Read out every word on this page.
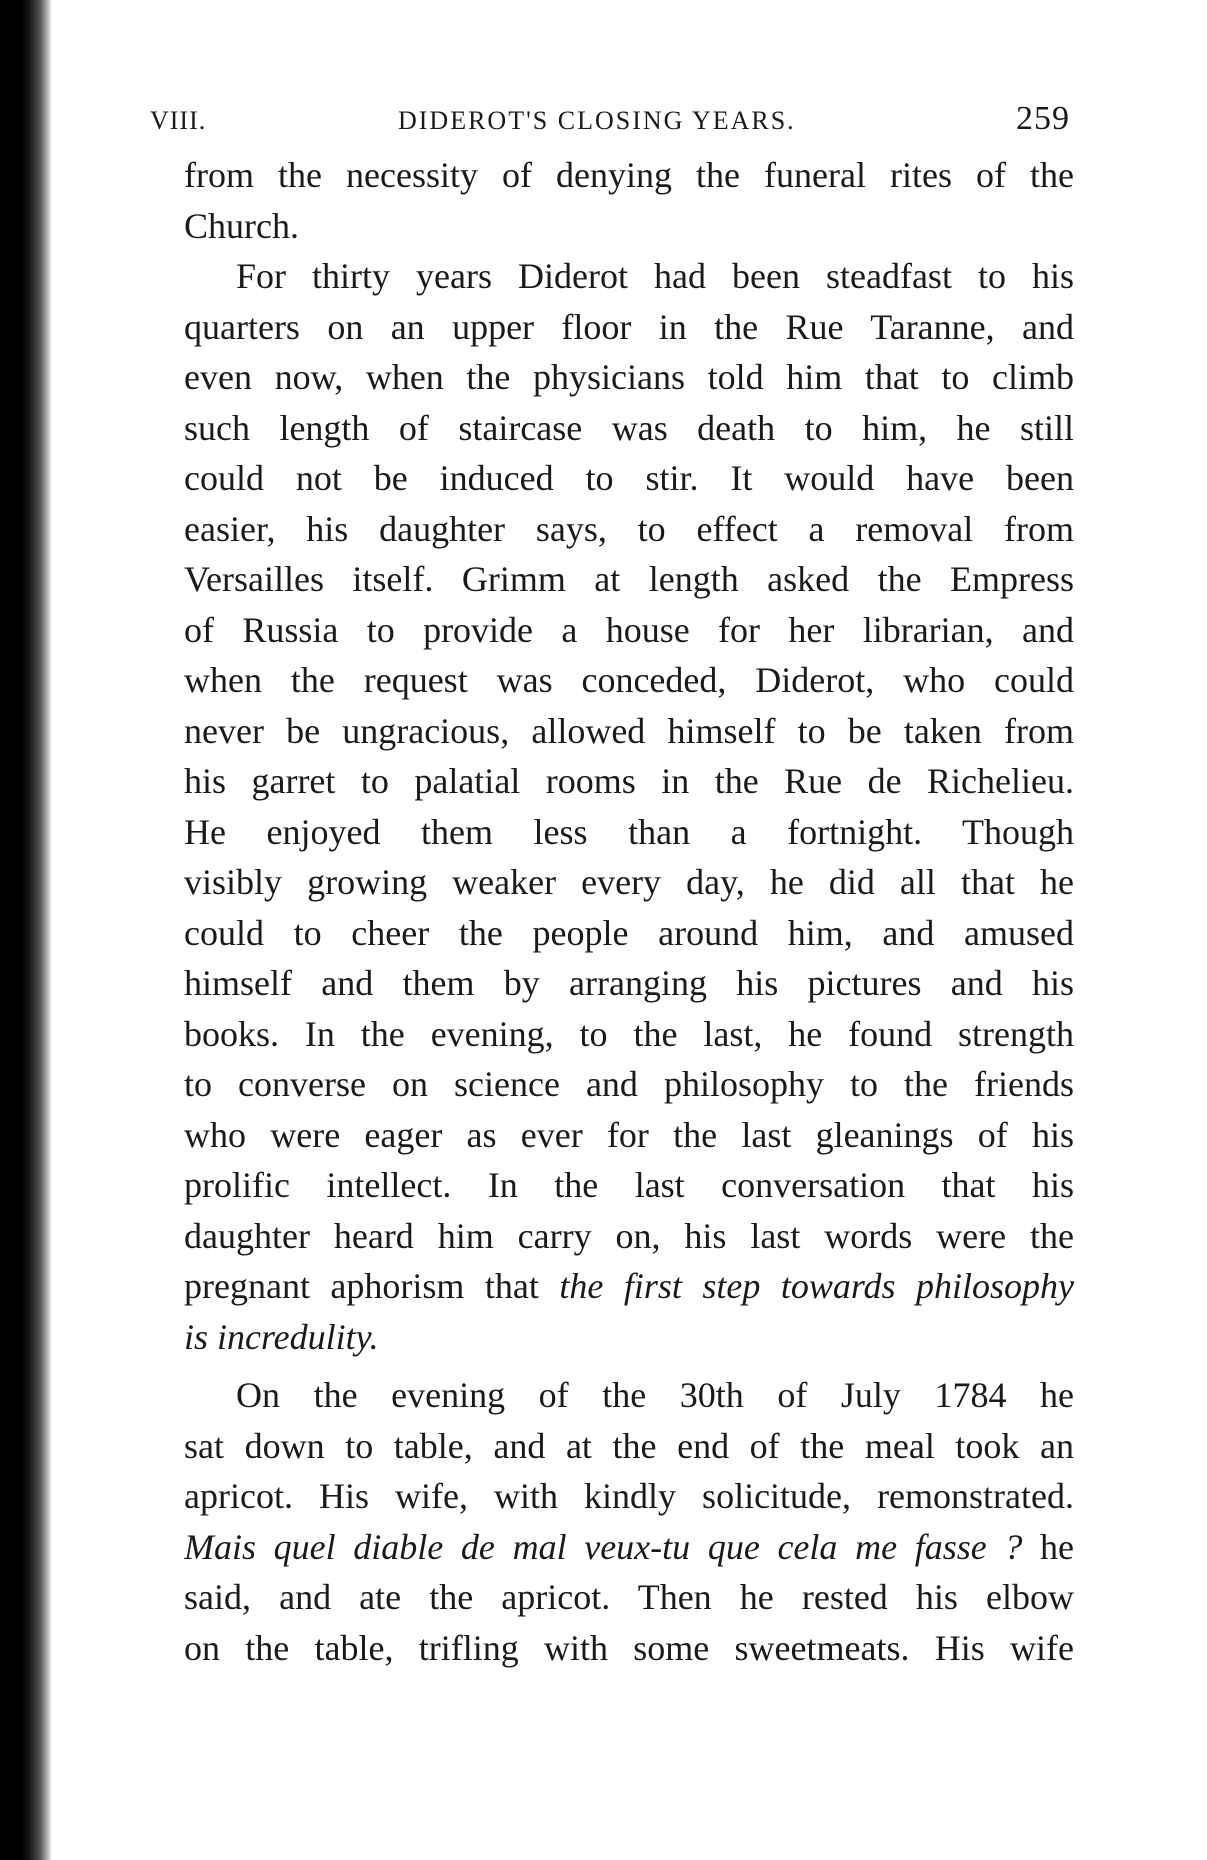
VIII.	DIDEROT'S CLOSING YEARS.	259
from the necessity of denying the funeral rites of the
Church.
For thirty years Diderot had been steadfast to his
quarters on an upper floor in the Rue Taranne, and
even now, when the physicians told him that to climb
such length of staircase was death to him, he still
could not be induced to stir. It would have been
easier, his daughter says, to effect a removal from
Versailles itself. Grimm at length asked the Empress
of Russia to provide a house for her librarian, and
when the request was conceded, Diderot, who could
never be ungracious, allowed himself to be taken from
his garret to palatial rooms in the Rue de Richelieu.
He enjoyed them less than a fortnight. Though
visibly growing weaker every day, he did all that he
could to cheer the people around him, and amused
himself and them by arranging his pictures and his
books. In the evening, to the last, he found strength
to converse on science and philosophy to the friends
who were eager as ever for the last gleanings of his
prolific intellect. In the last conversation that his
daughter heard him carry on, his last words were the
pregnant aphorism that the first step towards philosophy
is incredulity.
On the evening of the 30th of July 1784 he
sat down to table, and at the end of the meal took an
apricot. His wife, with kindly solicitude, remonstrated.
Mais quel diable de mal veux-tu que cela me fasse ? he
said, and ate the apricot. Then he rested his elbow
on the table, trifling with some sweetmeats. His wife
